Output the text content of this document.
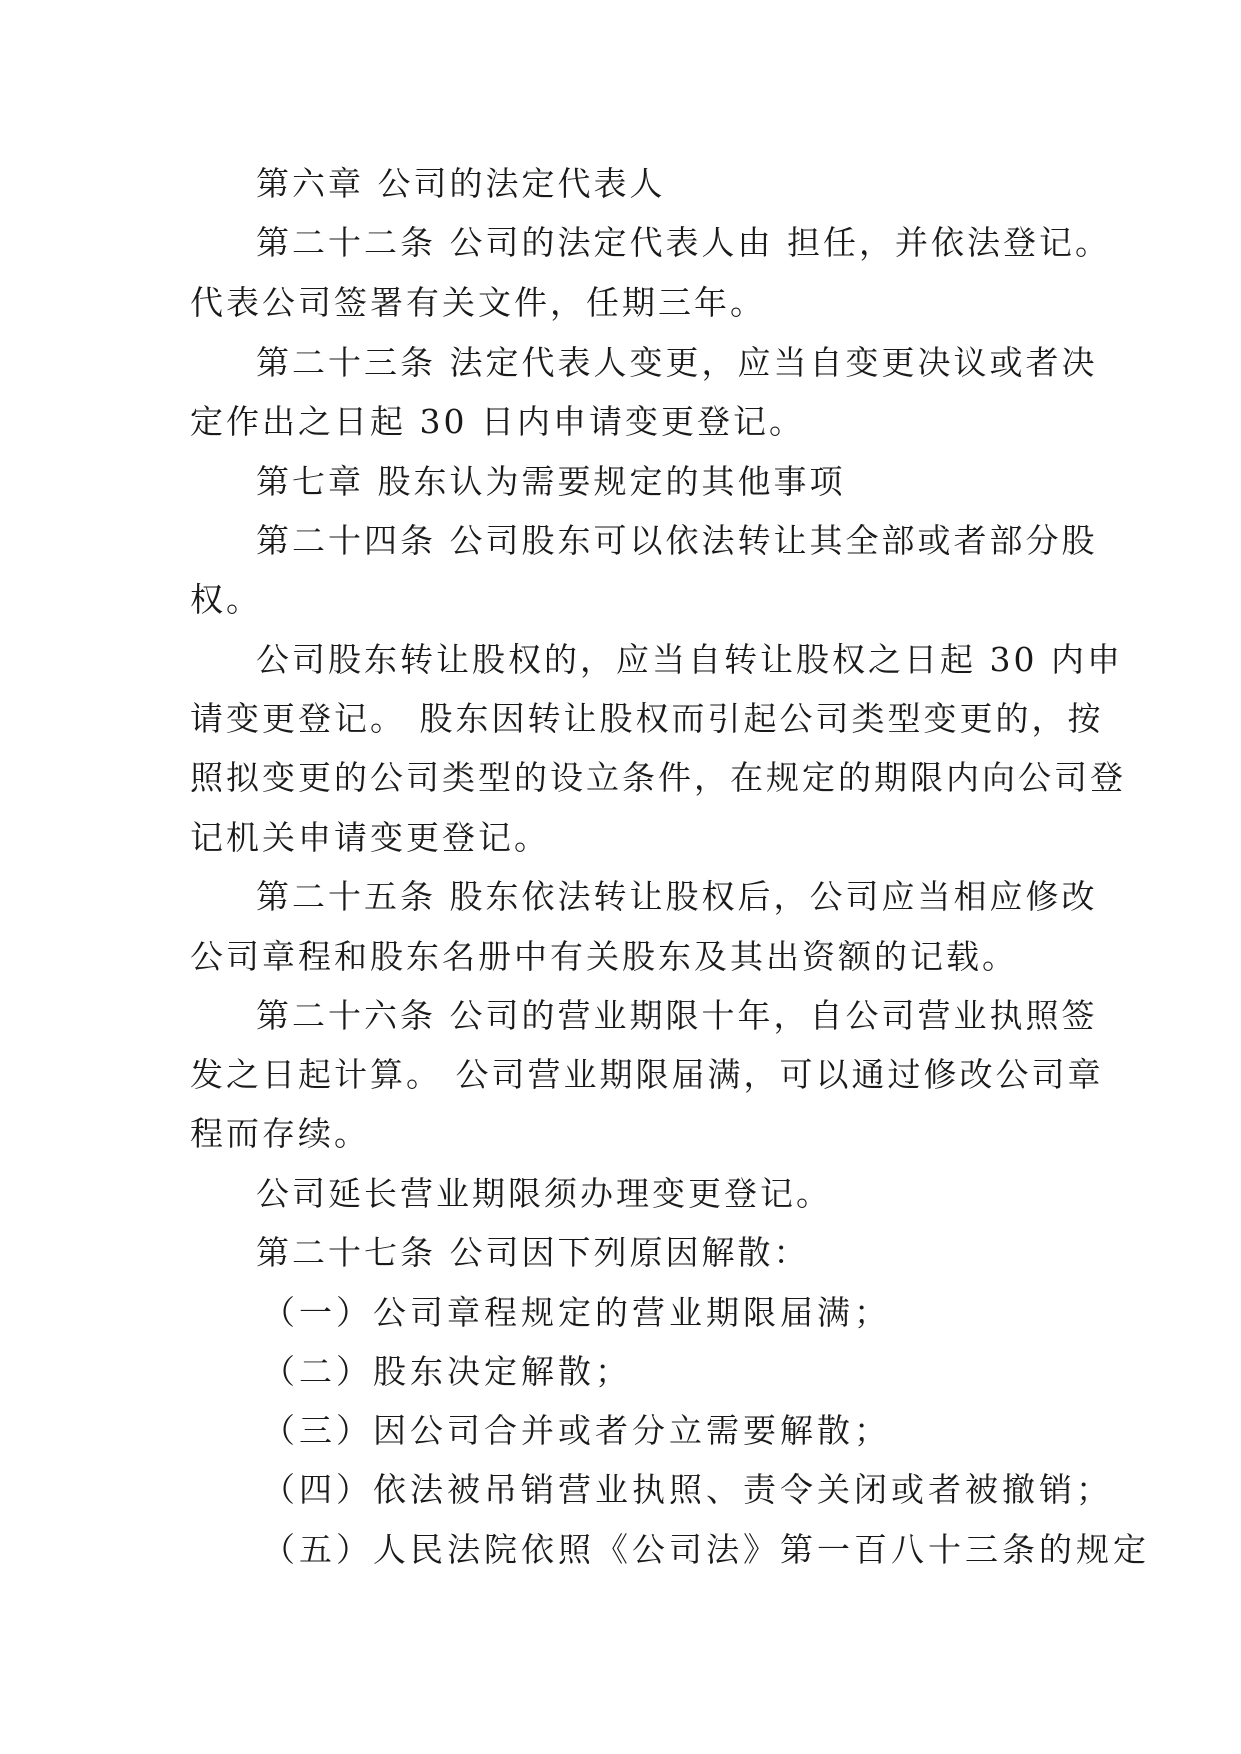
第六章 公司的法定代表人
第二十二条 公司的法定代表人由 担任，并依法登记。
代表公司签署有关文件，任期三年。
第二十三条 法定代表人变更，应当自变更决议或者决
定作出之日起 30 日内申请变更登记。
第七章 股东认为需要规定的其他事项
第二十四条 公司股东可以依法转让其全部或者部分股
权。
公司股东转让股权的，应当自转让股权之日起 30 内申
请变更登记。 股东因转让股权而引起公司类型变更的，按
照拟变更的公司类型的设立条件，在规定的期限内向公司登
记机关申请变更登记。
第二十五条 股东依法转让股权后，公司应当相应修改
公司章程和股东名册中有关股东及其出资额的记载。
第二十六条 公司的营业期限十年，自公司营业执照签
发之日起计算。 公司营业期限届满，可以通过修改公司章
程而存续。
公司延长营业期限须办理变更登记。
第二十七条 公司因下列原因解散：
（一）公司章程规定的营业期限届满；
（二）股东决定解散；
（三）因公司合并或者分立需要解散；
（四）依法被吊销营业执照、责令关闭或者被撤销；
（五）人民法院依照《公司法》第一百八十三条的规定
